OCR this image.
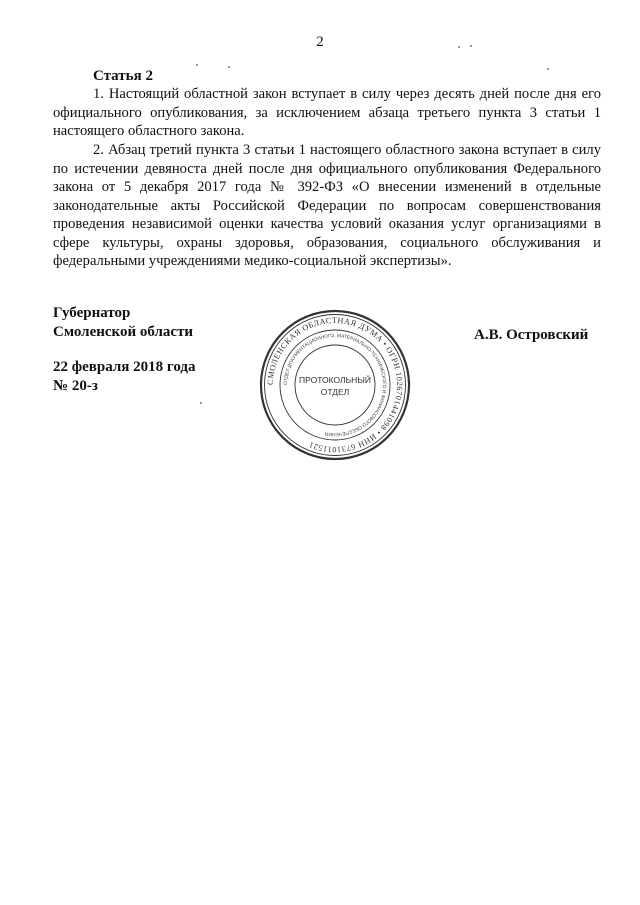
2
Статья 2

1. Настоящий областной закон вступает в силу через десять дней после дня его официального опубликования, за исключением абзаца третьего пункта 3 статьи 1 настоящего областного закона.

2. Абзац третий пункта 3 статьи 1 настоящего областного закона вступает в силу по истечении девяноста дней после дня официального опубликования Федерального закона от 5 декабря 2017 года № 392-ФЗ «О внесении изменений в отдельные законодательные акты Российской Федерации по вопросам совершенствования проведения независимой оценки качества условий оказания услуг организациями в сфере культуры, охраны здоровья, образования, социального обслуживания и федеральными учреждениями медико-социальной экспертизы».

Губернатор
Смоленской области
22 февраля 2018 года
№ 20-з
А.В. Островский
СМОЛЕНСКАЯ ОБЛАСТНАЯ ДУМА • ОГРН 1026701441098 • ИНН 6731011521
ОТДЕЛ ДОКУМЕНТАЦИОННОГО, МАТЕРИАЛЬНО-ТЕХНИЧЕСКОГО И ФИНАНСОВОГО ОБЕСПЕЧЕНИЯ
ПРОТОКОЛЬНЫЙ
ОТДЕЛ
